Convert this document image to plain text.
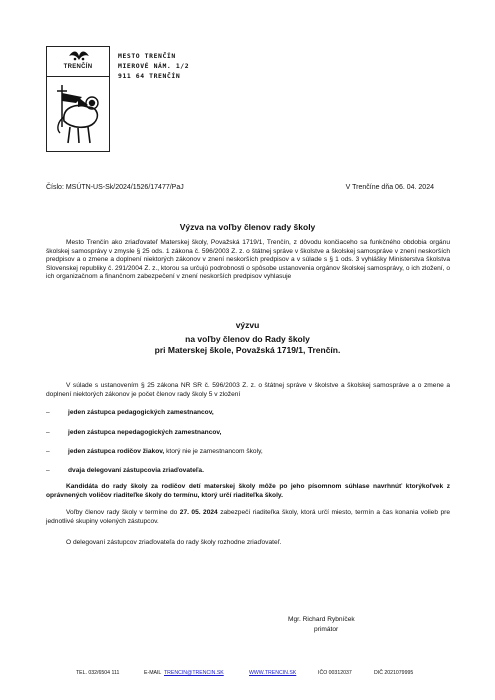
TRENČÍN
MESTO TRENČÍN
MIEROVÉ NÁM. 1/2
911 64 TRENČÍN
Číslo: MSÚTN-US-Sk/2024/1526/17477/PaJ	V Trenčíne dňa 06. 04. 2024
Výzva na voľby členov rady školy
Mesto Trenčín ako zriaďovateľ Materskej školy, Považská 1719/1, Trenčín, z dôvodu končiaceho sa funkčného obdobia orgánu školskej samosprávy v zmysle § 25 ods. 1 zákona č. 596/2003 Z. z. o štátnej správe v školstve a školskej samospráve v znení neskorších predpisov a o zmene a doplnení niektorých zákonov v znení neskorších predpisov a v súlade s § 1 ods. 3 vyhlášky Ministerstva školstva Slovenskej republiky č. 291/2004 Z. z., ktorou sa určujú podrobnosti o spôsobe ustanovenia orgánov školskej samosprávy, o ich zložení, o ich organizačnom a finančnom zabezpečení v znení neskorších predpisov vyhlasuje
výzvu
na voľby členov do Rady školy
pri Materskej škole, Považská 1719/1, Trenčín.
V súlade s ustanovením § 25 zákona NR SR č. 596/2003 Z. z. o štátnej správe v školstve a školskej samospráve a o zmene a doplnení niektorých zákonov je počet členov rady školy 5 v zložení
–	jeden zástupca pedagogických zamestnancov,
–	jeden zástupca nepedagogických zamestnancov,
–	jeden zástupca rodičov žiakov, ktorý nie je zamestnancom školy,
–	dvaja delegovaní zástupcovia zriaďovateľa.
Kandidáta do rady školy za rodičov detí materskej školy môže po jeho písomnom súhlase navrhnúť ktorýkoľvek z oprávnených voličov riaditeľke školy do termínu, ktorý určí riaditeľka školy.
Voľby členov rady školy v termíne do 27. 05. 2024 zabezpečí riaditeľka školy, ktorá určí miesto, termín a čas konania volieb pre jednotlivé skupiny volených zástupcov.
O delegovaní zástupcov zriaďovateľa do rady školy rozhodne zriaďovateľ.
Mgr. Richard Rybníček
primátor
TEL. 032/6504 111	E-MAIL TRENCIN@TRENCIN.SK	WWW.TRENCIN.SK	IČO 00312037	DIČ 2021079995
